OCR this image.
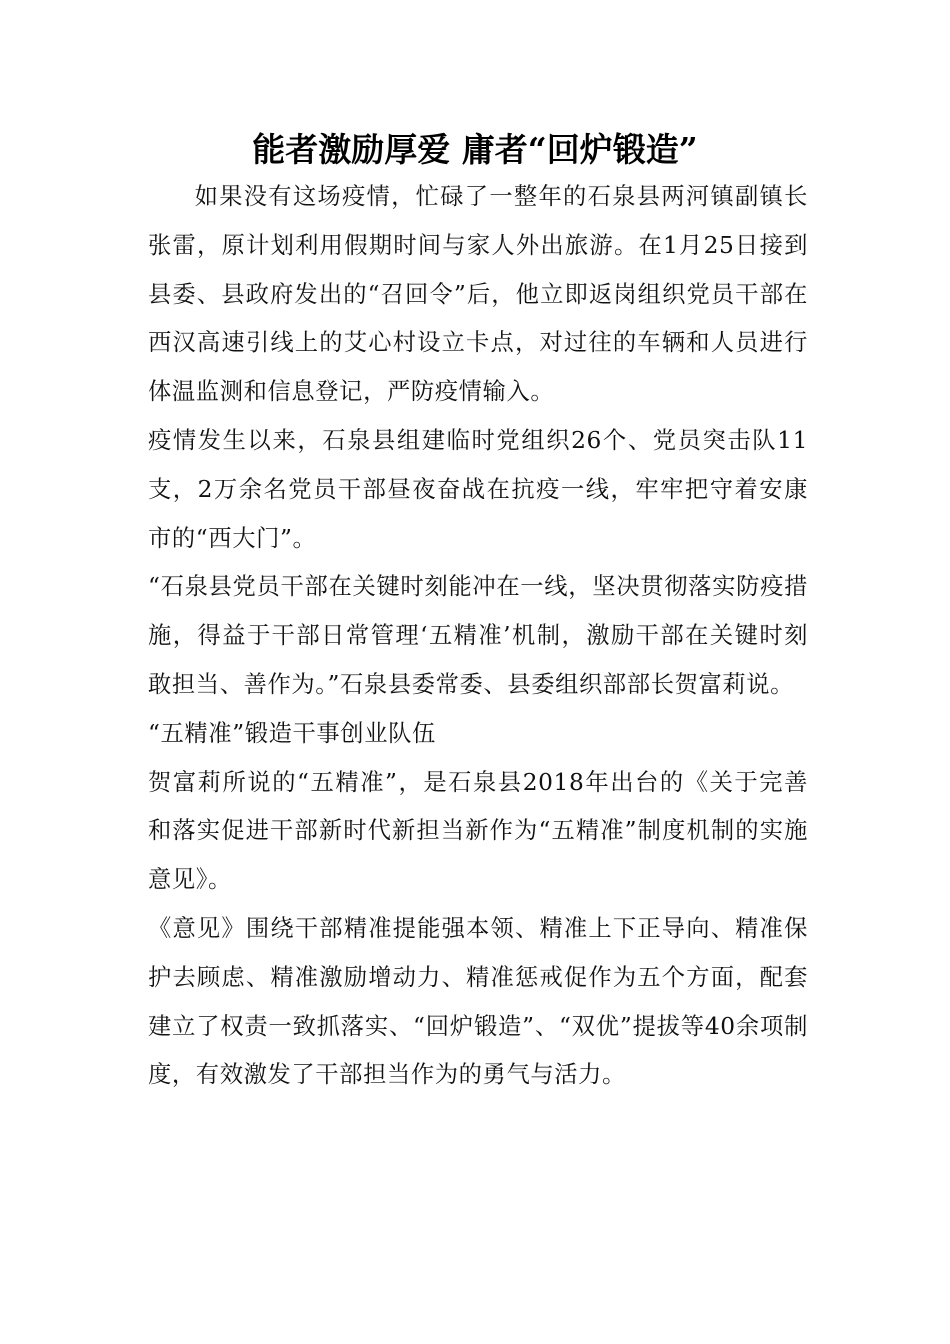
能者激励厚爱 庸者“回炉锻造”

如果没有这场疫情，忙碌了一整年的石泉县两河镇副镇长张雷，原计划利用假期时间与家人外出旅游。在1月25日接到县委、县政府发出的“召回令”后，他立即返岗组织党员干部在西汉高速引线上的艾心村设立卡点，对过往的车辆和人员进行体温监测和信息登记，严防疫情输入。

疫情发生以来，石泉县组建临时党组织26个、党员突击队11支，2万余名党员干部昼夜奋战在抗疫一线，牢牢把守着安康市的“西大门”。

“石泉县党员干部在关键时刻能冲在一线，坚决贯彻落实防疫措施，得益于干部日常管理‘五精准’机制，激励干部在关键时刻敢担当、善作为。”石泉县委常委、县委组织部部长贺富莉说。

“五精准”锻造干事创业队伍

贺富莉所说的“五精准”，是石泉县2018年出台的《关于完善和落实促进干部新时代新担当新作为“五精准”制度机制的实施意见》。

《意见》围绕干部精准提能强本领、精准上下正导向、精准保护去顾虑、精准激励增动力、精准惩戒促作为五个方面，配套建立了权责一致抓落实、“回炉锻造”、“双优”提拔等40余项制度，有效激发了干部担当作为的勇气与活力。
